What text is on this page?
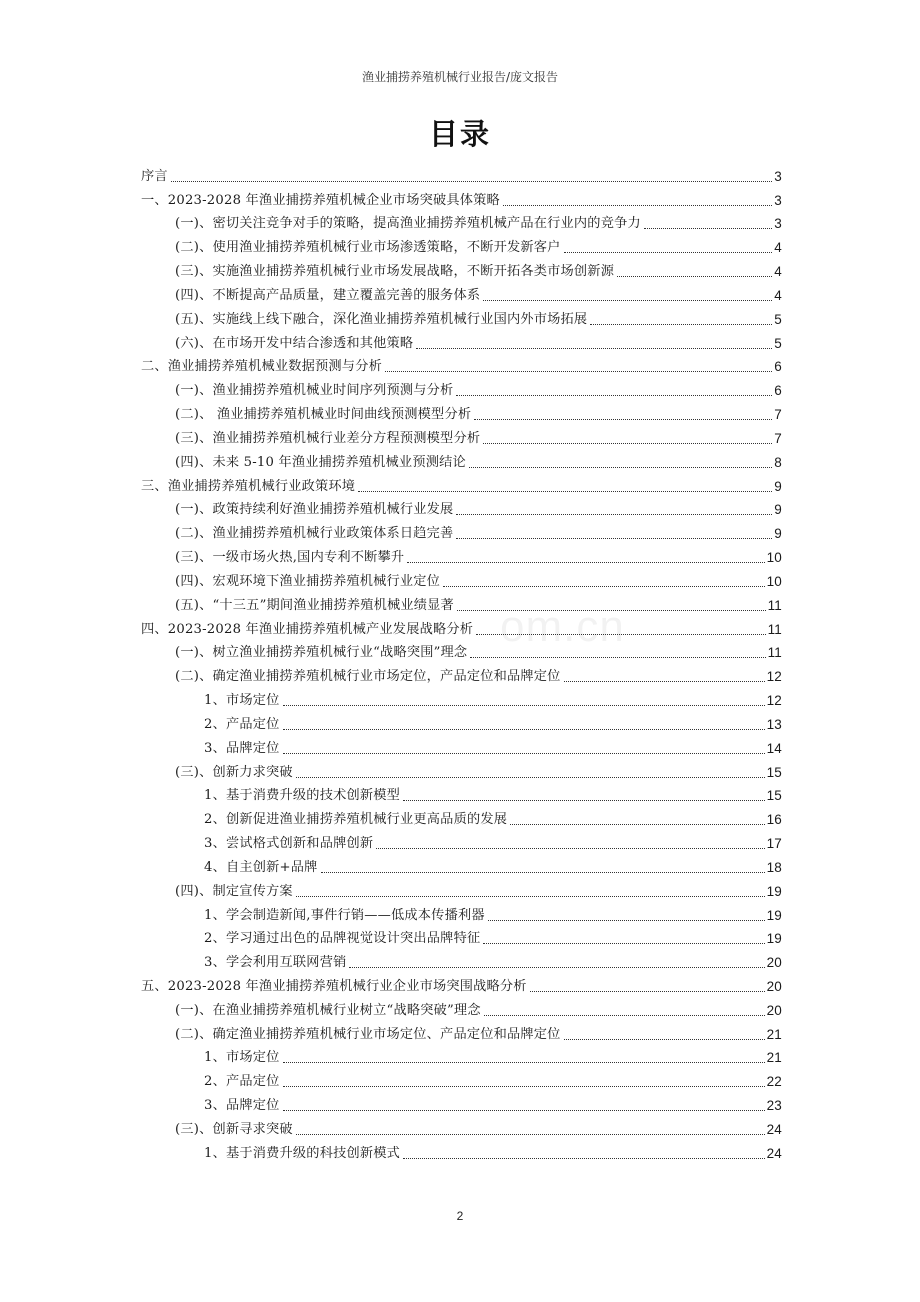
渔业捕捞养殖机械行业报告/庞文报告
目录
om.cn
序言	3
一、2023-2028 年渔业捕捞养殖机械企业市场突破具体策略	3
(一)、密切关注竞争对手的策略，提高渔业捕捞养殖机械产品在行业内的竞争力	3
(二)、使用渔业捕捞养殖机械行业市场渗透策略，不断开发新客户	4
(三)、实施渔业捕捞养殖机械行业市场发展战略，不断开拓各类市场创新源	4
(四)、不断提高产品质量，建立覆盖完善的服务体系	4
(五)、实施线上线下融合，深化渔业捕捞养殖机械行业国内外市场拓展	5
(六)、在市场开发中结合渗透和其他策略	5
二、渔业捕捞养殖机械业数据预测与分析	6
(一)、渔业捕捞养殖机械业时间序列预测与分析	6
(二)、 渔业捕捞养殖机械业时间曲线预测模型分析	7
(三)、渔业捕捞养殖机械行业差分方程预测模型分析	7
(四)、未来 5-10 年渔业捕捞养殖机械业预测结论	8
三、渔业捕捞养殖机械行业政策环境	9
(一)、政策持续利好渔业捕捞养殖机械行业发展	9
(二)、渔业捕捞养殖机械行业政策体系日趋完善	9
(三)、一级市场火热,国内专利不断攀升	10
(四)、宏观环境下渔业捕捞养殖机械行业定位	10
(五)、“十三五”期间渔业捕捞养殖机械业绩显著	11
四、2023-2028 年渔业捕捞养殖机械产业发展战略分析	11
(一)、树立渔业捕捞养殖机械行业“战略突围”理念	11
(二)、确定渔业捕捞养殖机械行业市场定位，产品定位和品牌定位	12
1、市场定位	12
2、产品定位	13
3、品牌定位	14
(三)、创新力求突破	15
1、基于消费升级的技术创新模型	15
2、创新促进渔业捕捞养殖机械行业更高品质的发展	16
3、尝试格式创新和品牌创新	17
4、自主创新+品牌	18
(四)、制定宣传方案	19
1、学会制造新闻,事件行销——低成本传播利器	19
2、学习通过出色的品牌视觉设计突出品牌特征	19
3、学会利用互联网营销	20
五、2023-2028 年渔业捕捞养殖机械行业企业市场突围战略分析	20
(一)、在渔业捕捞养殖机械行业树立“战略突破”理念	20
(二)、确定渔业捕捞养殖机械行业市场定位、产品定位和品牌定位	21
1、市场定位	21
2、产品定位	22
3、品牌定位	23
(三)、创新寻求突破	24
1、基于消费升级的科技创新模式	24
2
